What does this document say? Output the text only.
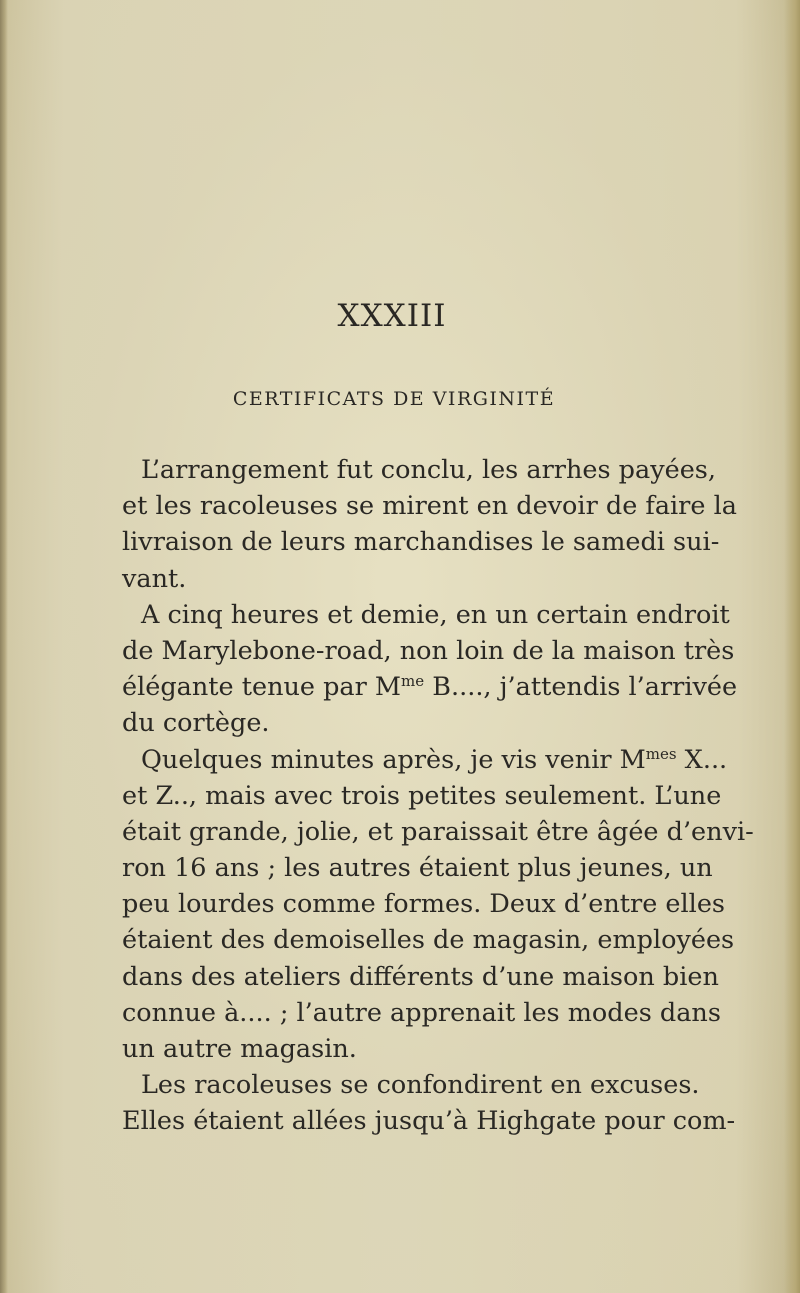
XXXIII
CERTIFICATS DE VIRGINITÉ

L’arrangement fut conclu, les arrhes payées,
et les racoleuses se mirent en devoir de faire la
livraison de leurs marchandises le samedi sui-
vant.

A cinq heures et demie, en un certain endroit
de Marylebone-road, non loin de la maison très
élégante tenue par $M^{me}$ B...., j’attendis l’arrivée
du cortège.

Quelques minutes après, je vis venir $M^{mes}$ X...
et Z.., mais avec trois petites seulement. L’une
était grande, jolie, et paraissait être âgée d’envi-
ron 16 ans ; les autres étaient plus jeunes, un
peu lourdes comme formes. Deux d’entre elles
étaient des demoiselles de magasin, employées
dans des ateliers différents d’une maison bien
connue à.... ; l’autre apprenait les modes dans
un autre magasin.

Les racoleuses se confondirent en excuses.
Elles étaient allées jusqu’à Highgate pour com-
